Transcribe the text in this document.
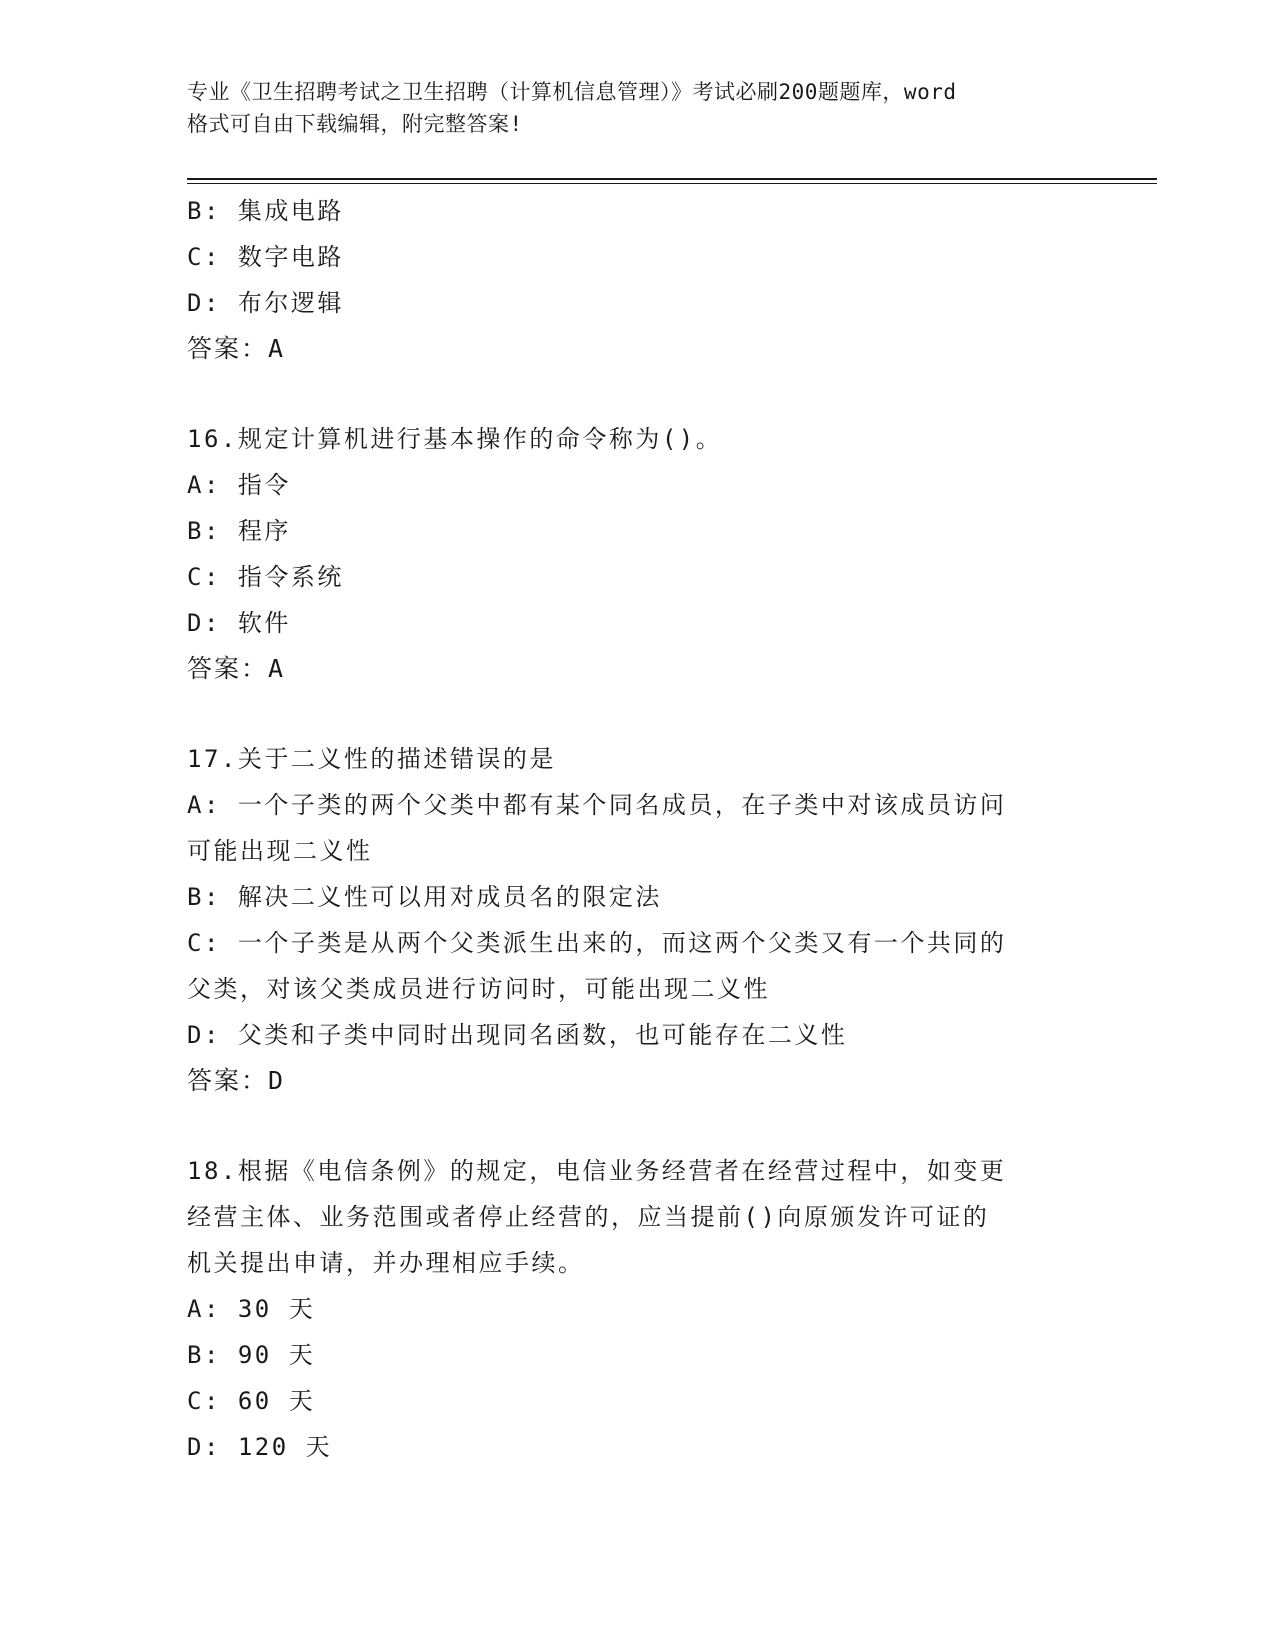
专业《卫生招聘考试之卫生招聘（计算机信息管理）》考试必刷200题题库，word
格式可自由下载编辑，附完整答案!
B: 集成电路
C: 数字电路
D: 布尔逻辑
答案：A
16.规定计算机进行基本操作的命令称为()。
A: 指令
B: 程序
C: 指令系统
D: 软件
答案：A
17.关于二义性的描述错误的是
A: 一个子类的两个父类中都有某个同名成员，在子类中对该成员访问
可能出现二义性
B: 解决二义性可以用对成员名的限定法
C: 一个子类是从两个父类派生出来的，而这两个父类又有一个共同的
父类，对该父类成员进行访问时，可能出现二义性
D: 父类和子类中同时出现同名函数，也可能存在二义性
答案：D
18.根据《电信条例》的规定，电信业务经营者在经营过程中，如变更
经营主体、业务范围或者停止经营的，应当提前()向原颁发许可证的
机关提出申请，并办理相应手续。
A: 30 天
B: 90 天
C: 60 天
D: 120 天
